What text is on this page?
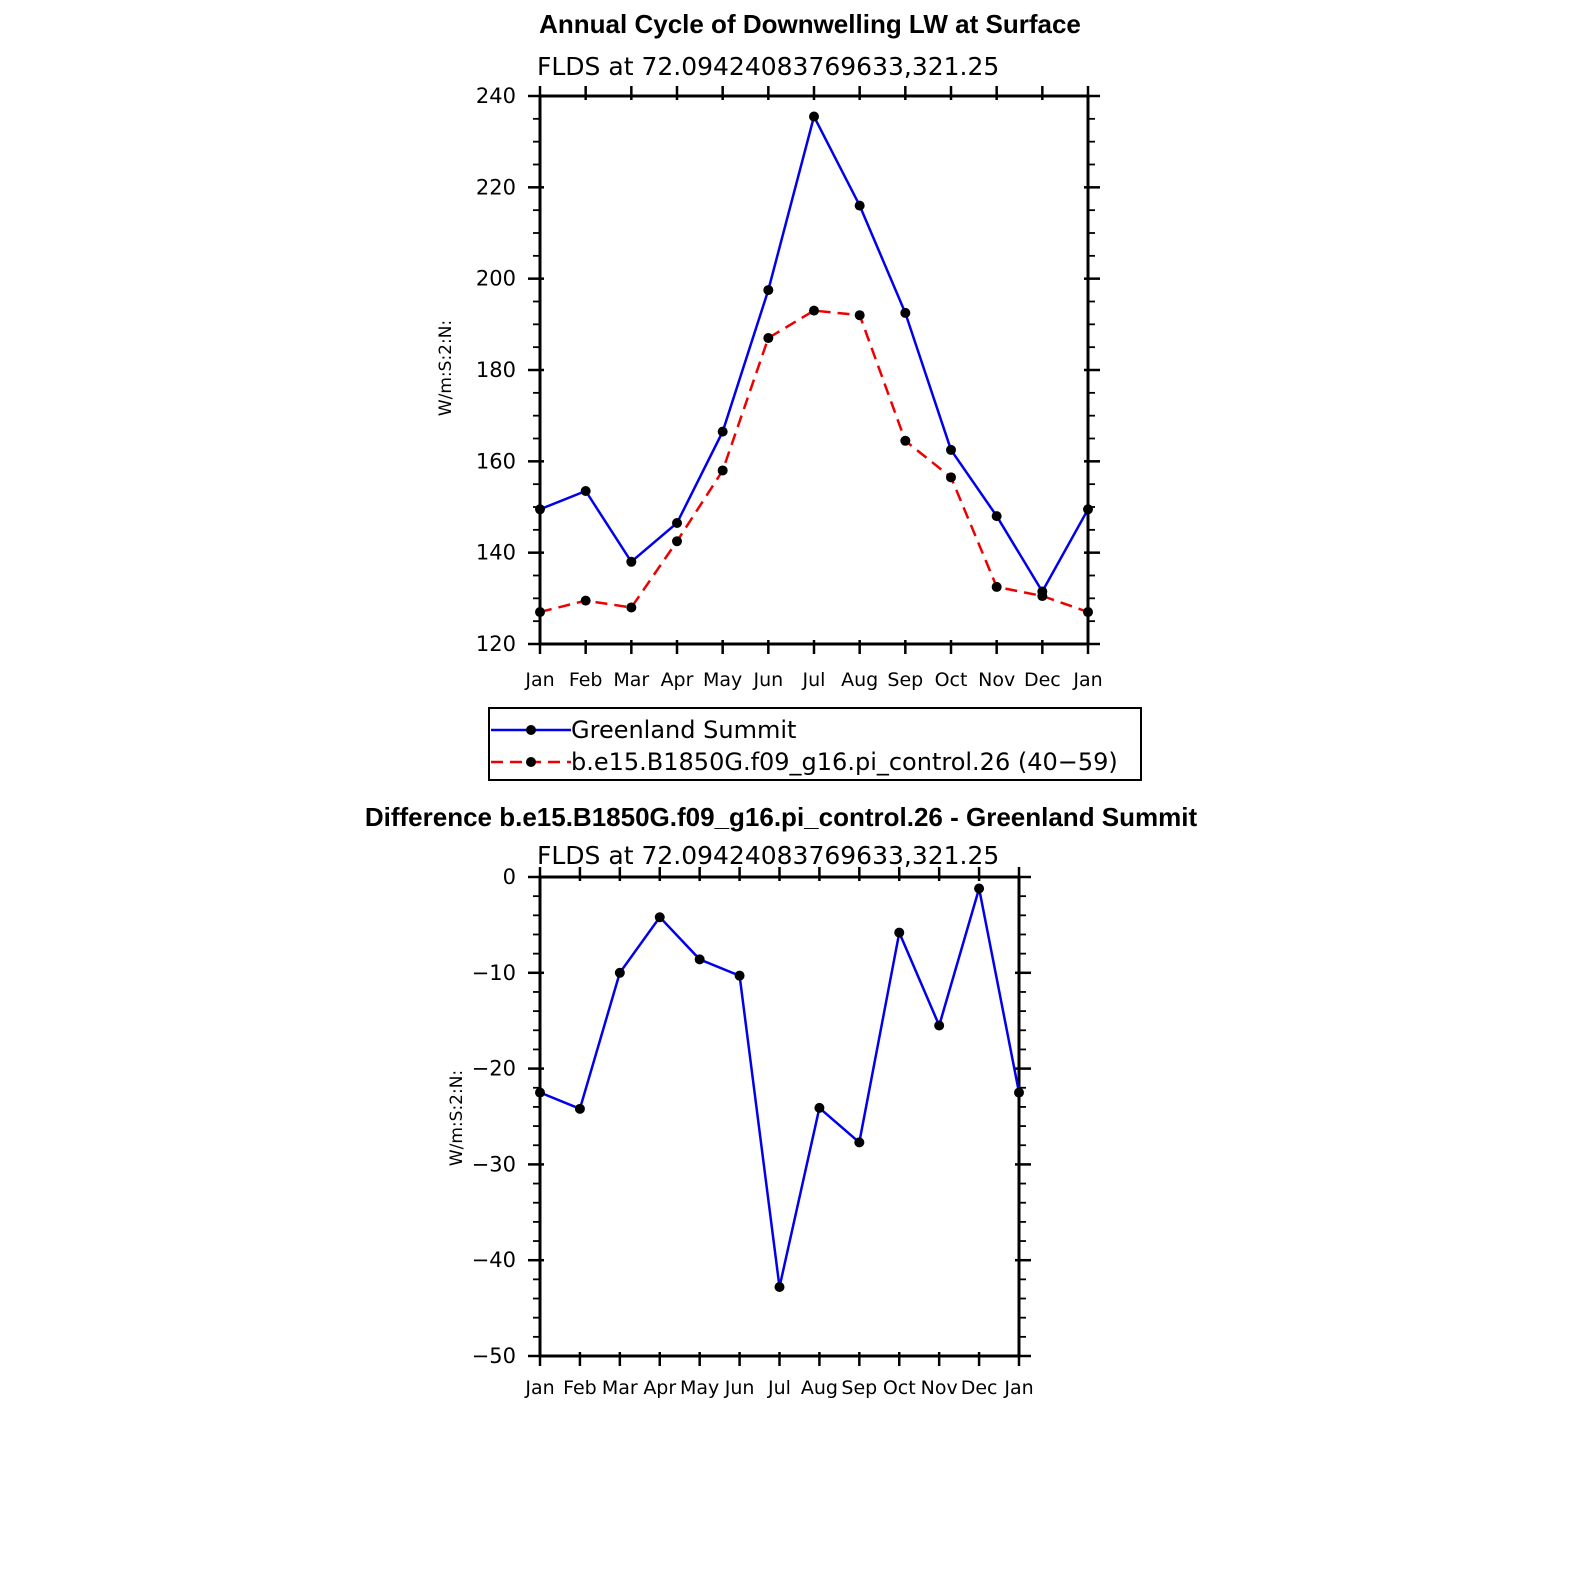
Annual Cycle of Downwelling LW at Surface
FLDS at 72.09424083769633,321.25
W/m:S:2:N:
Jan Feb Mar Apr May Jun Jul Aug Sep Oct Nov Dec Jan
120
140
160
180
200
220
240
Greenland Summit
b.e15.B1850G.f09_g16.pi_control.26 (40−59)
Difference b.e15.B1850G.f09_g16.pi_control.26 - Greenland Summit
FLDS at 72.09424083769633,321.25
W/m:S:2:N:
Jan Feb Mar Apr May Jun Jul Aug Sep Oct Nov Dec Jan
−50
−40
−30
−20
−10
0
